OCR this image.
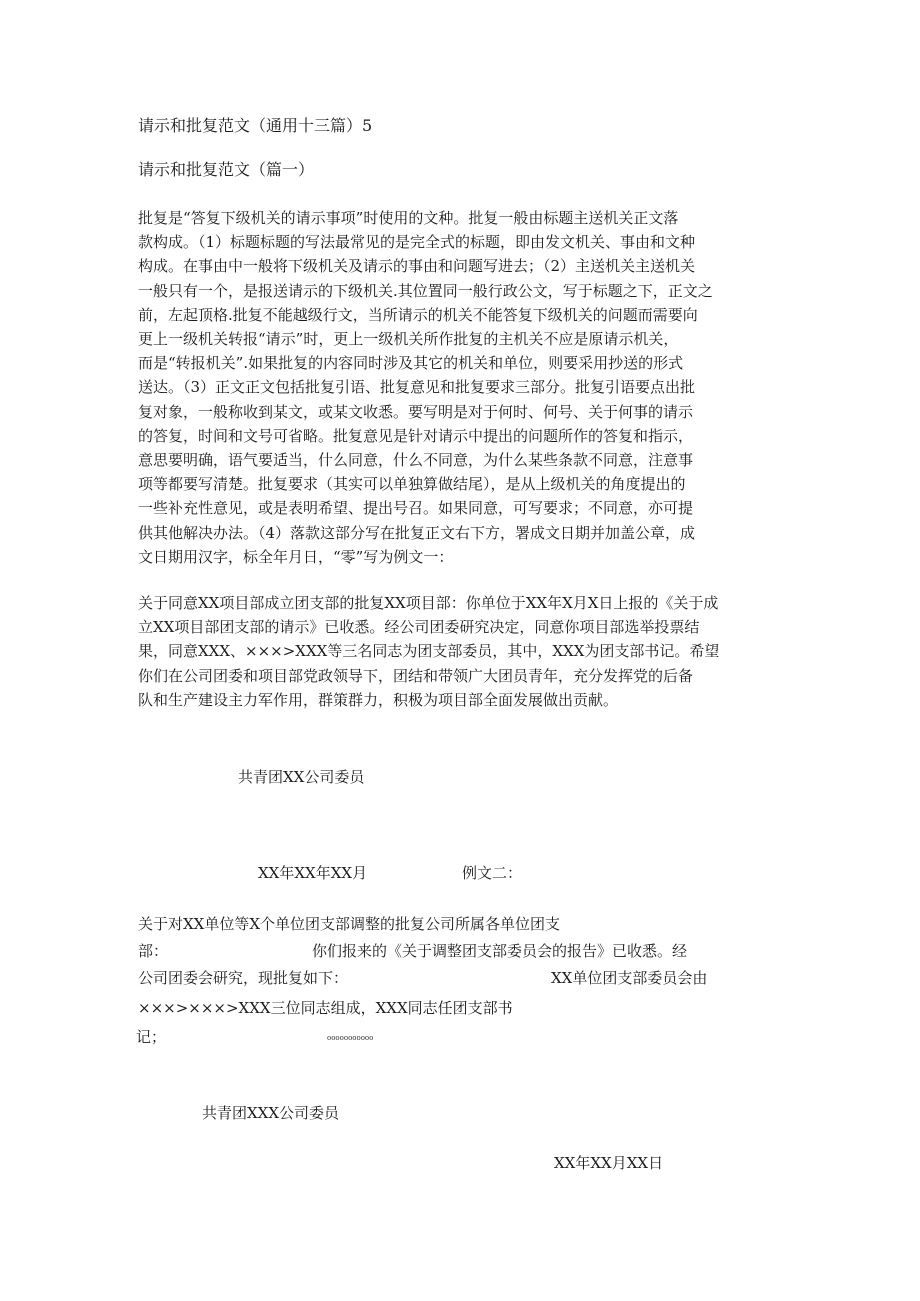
请示和批复范文（通用十三篇）5
请示和批复范文（篇一）

批复是“答复下级机关的请示事项”时使用的文种。批复一般由标题主送机关正文落

款构成。（1）标题标题的写法最常见的是完全式的标题，即由发文机关、事由和文种

构成。在事由中一般将下级机关及请示的事由和问题写进去；（2）主送机关主送机关

一般只有一个，是报送请示的下级机关.其位置同一般行政公文，写于标题之下，正文之

前，左起顶格.批复不能越级行文，当所请示的机关不能答复下级机关的问题而需要向

更上一级机关转报“请示”时，更上一级机关所作批复的主机关不应是原请示机关，

而是“转报机关”.如果批复的内容同时涉及其它的机关和单位，则要采用抄送的形式

送达。（3）正文正文包括批复引语、批复意见和批复要求三部分。批复引语要点出批

复对象，一般称收到某文，或某文收悉。要写明是对于何时、何号、关于何事的请示

的答复，时间和文号可省略。批复意见是针对请示中提出的问题所作的答复和指示，

意思要明确，语气要适当，什么同意，什么不同意，为什么某些条款不同意，注意事

项等都要写清楚。批复要求（其实可以单独算做结尾），是从上级机关的角度提出的

一些补充性意见，或是表明希望、提出号召。如果同意，可写要求；不同意，亦可提

供其他解决办法。（4）落款这部分写在批复正文右下方，署成文日期并加盖公章，成

文日期用汉字，标全年月日，“零”写为例文一：

关于同意XX项目部成立团支部的批复XX项目部：你单位于XX年X月X日上报的《关于成

立XX项目部团支部的请示》已收悉。经公司团委研究决定，同意你项目部选举投票结

果，同意XXX、×××>XXX等三名同志为团支部委员，其中，XXX为团支部书记。希望

你们在公司团委和项目部党政领导下，团结和带领广大团员青年，充分发挥党的后备

队和生产建设主力军作用，群策群力，积极为项目部全面发展做出贡献。

共青团XX公司委员
XX年XX年XX月	例文二：
关于对XX单位等X个单位团支部调整的批复公司所属各单位团支
部：	你们报来的《关于调整团支部委员会的报告》已收悉。经
公司团委会研究，现批复如下：	XX单位团支部委员会由
×××>×××>XXX三位同志组成，XXX同志任团支部书
记；	ooooooooooo
共青团XXX公司委员
XX年XX月XX日
